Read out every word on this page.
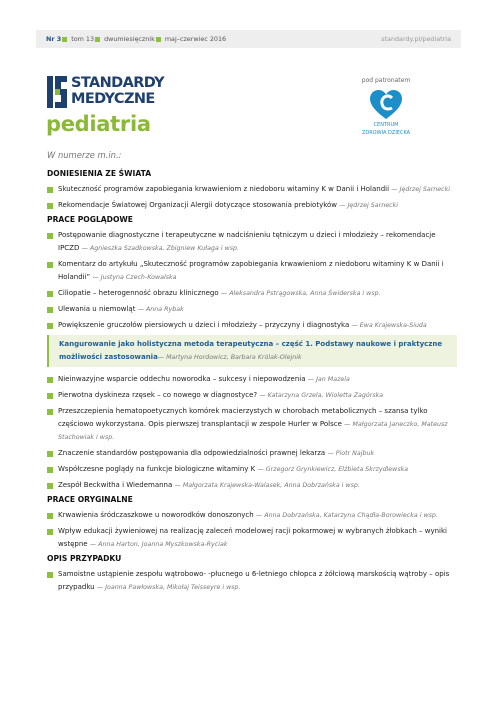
Nr 3 tom 13 dwumiesięcznik maj–czerwiec 2016	standardy.pl/pediatria
STANDARDY
MEDYCZNE
pediatria
pod patronatem
CENTRUM
ZDROWIA DZIECKA
W numerze m.in.:
DONIESIENIA ZE ŚWIATA
Skuteczność programów zapobiegania krwawieniom z niedoboru witaminy K w Danii i Holandii — Jędrzej Sarnecki
Rekomendacje Światowej Organizacji Alergii dotyczące stosowania prebiotyków — Jędrzej Sarnecki
PRACE POGLĄDOWE
Postępowanie diagnostyczne i terapeutyczne w nadciśnieniu tętniczym u dzieci i młodzieży – rekomendacje IPCZD — Agnieszka Szadkowska, Zbigniew Kułaga i wsp.
Komentarz do artykułu „Skuteczność programów zapobiegania krwawieniom z niedoboru witaminy K w Danii i Holandii” — Justyna Czech-Kowalska
Ciliopatie – heterogenność obrazu klinicznego — Aleksandra Pstrągowska, Anna Świderska i wsp.
Ulewania u niemowląt — Anna Rybak
Powiększenie gruczołów piersiowych u dzieci i młodzieży – przyczyny i diagnostyka — Ewa Krajewska-Siuda
Kangurowanie jako holistyczna metoda terapeutyczna – część 1. Podstawy naukowe i praktyczne możliwości zastosowania— Martyna Hordowicz, Barbara Królak-Olejnik
Nieinwazyjne wsparcie oddechu noworodka – sukcesy i niepowodzenia — Jan Mazela
Pierwotna dyskineza rzęsek – co nowego w diagnostyce? — Katarzyna Grzela, Wioletta Zagórska
Przeszczepienia hematopoetycznych komórek macierzystych w chorobach metabolicznych – szansa tylko częściowo wykorzystana. Opis pierwszej transplantacji w zespole Hurler w Polsce — Małgorzata Janeczko, Mateusz Stachowiak i wsp.
Znaczenie standardów postępowania dla odpowiedzialności prawnej lekarza — Piotr Najbuk
Współczesne poglądy na funkcje biologiczne witaminy K — Grzegorz Grynkiewicz, Elżbieta Skrzydlewska
Zespół Beckwitha i Wiedemanna — Małgorzata Krajewska-Walasek, Anna Dobrzańska i wsp.
PRACE ORYGINALNE
Krwawienia śródczaszkowe u noworodków donoszonych — Anna Dobrzańska, Katarzyna Chądła-Borowiecka i wsp.
Wpływ edukacji żywieniowej na realizację zaleceń modelowej racji pokarmowej w wybranych żłobkach – wyniki wstępne — Anna Harton, Joanna Myszkowska-Ryciak
OPIS PRZYPADKU
Samoistne ustąpienie zespołu wątrobowo- -płucnego u 6-letniego chłopca z żółciową marskością wątroby – opis przypadku — Joanna Pawłowska, Mikołaj Teisseyre i wsp.
